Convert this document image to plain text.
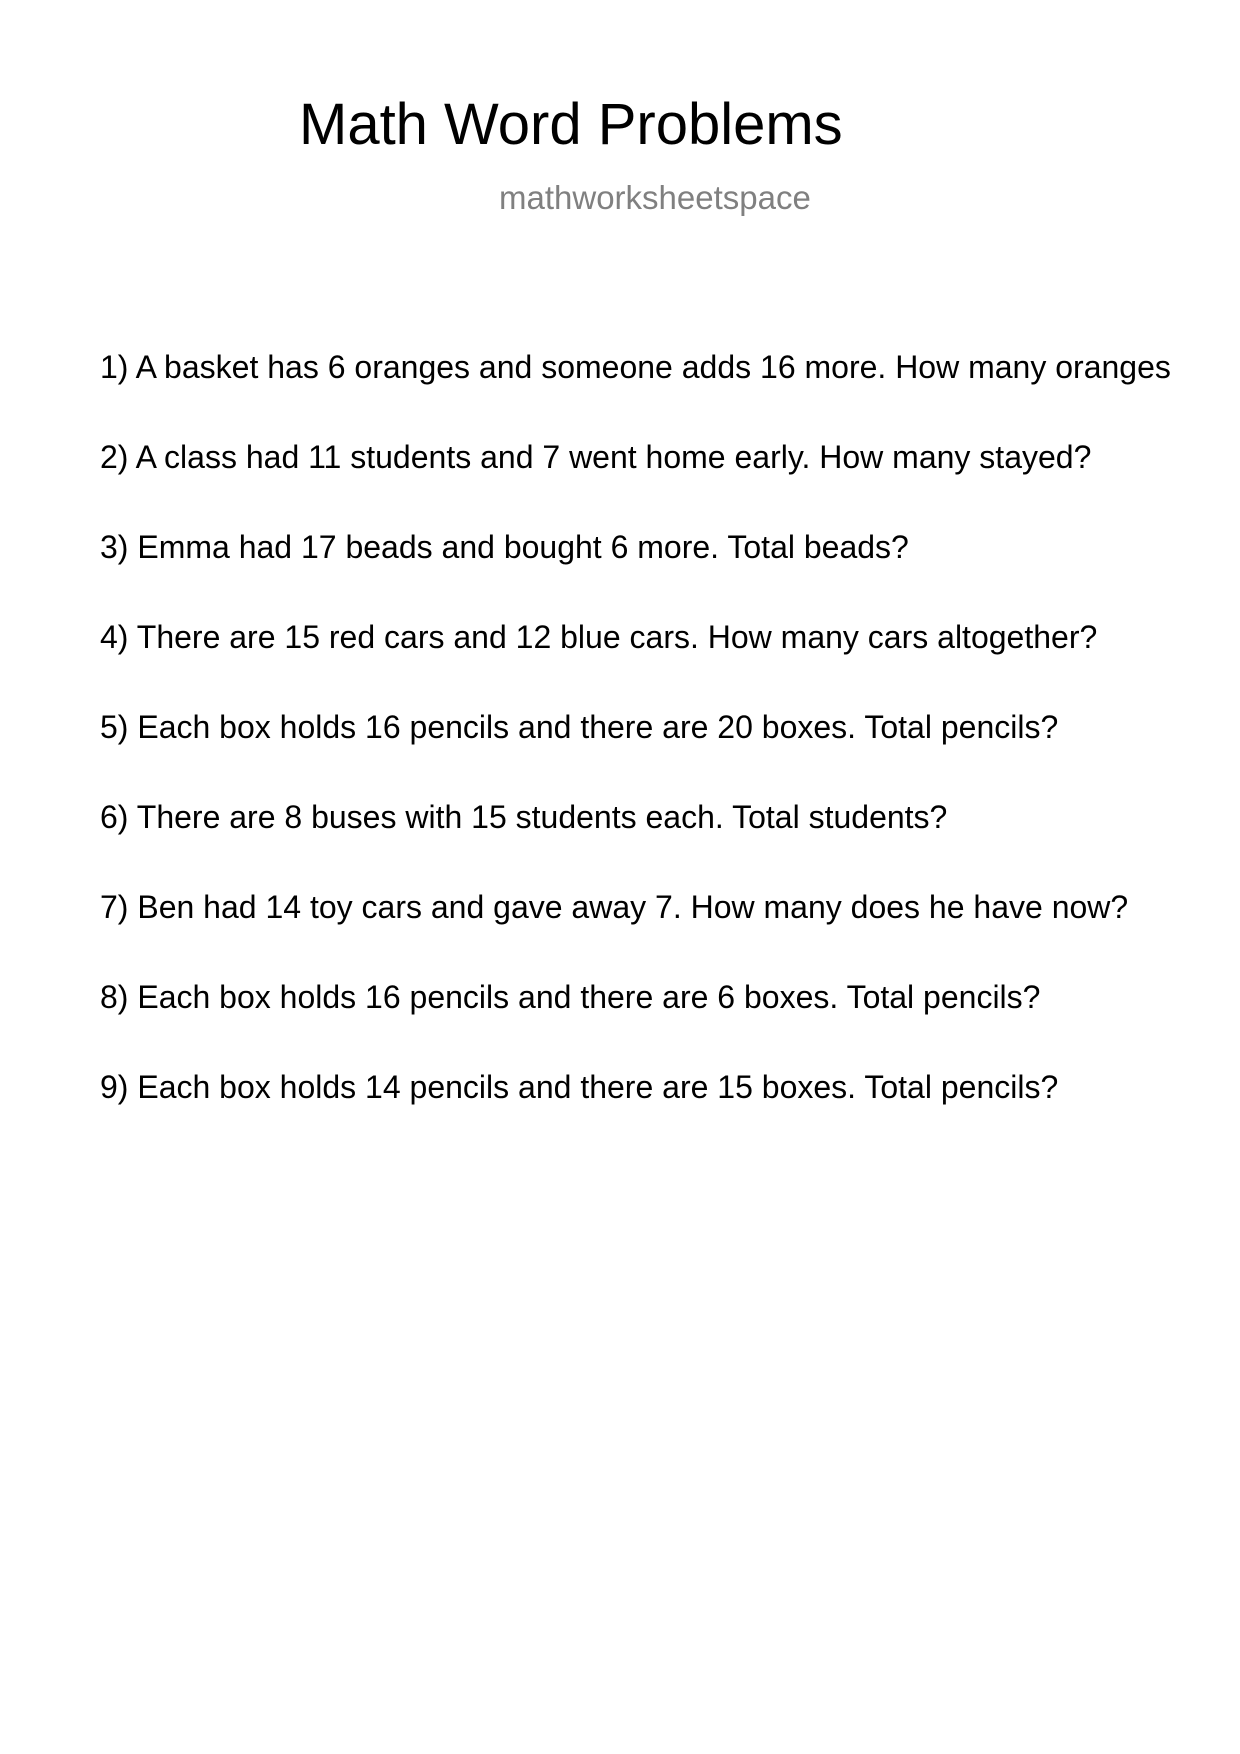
Math Word Problems
mathworksheetspace
1) A basket has 6 oranges and someone adds 16 more. How many oranges
2) A class had 11 students and 7 went home early. How many stayed?
3) Emma had 17 beads and bought 6 more. Total beads?
4) There are 15 red cars and 12 blue cars. How many cars altogether?
5) Each box holds 16 pencils and there are 20 boxes. Total pencils?
6) There are 8 buses with 15 students each. Total students?
7) Ben had 14 toy cars and gave away 7. How many does he have now?
8) Each box holds 16 pencils and there are 6 boxes. Total pencils?
9) Each box holds 14 pencils and there are 15 boxes. Total pencils?
